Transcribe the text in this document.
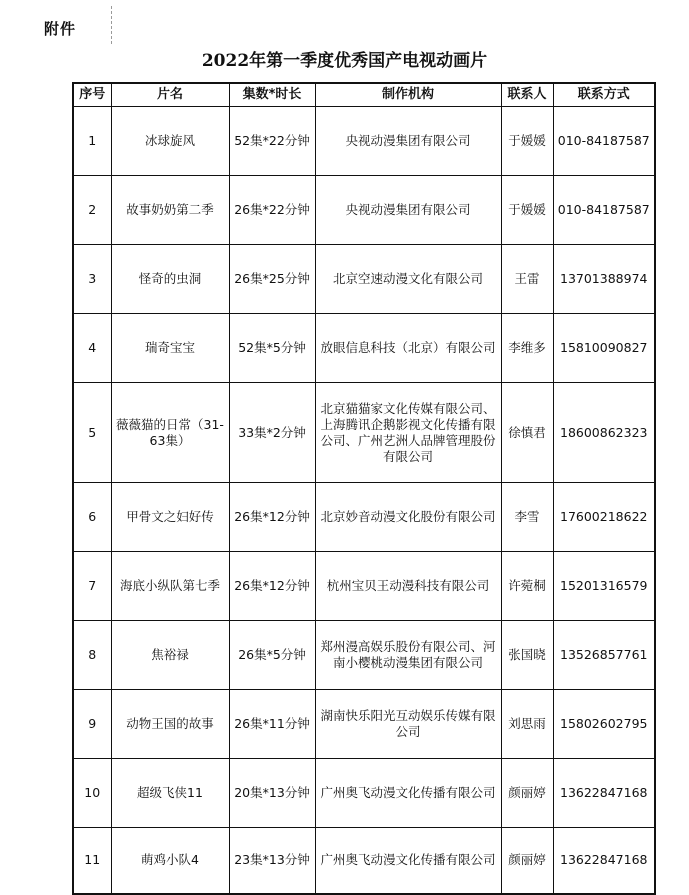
附件
2022年第一季度优秀国产电视动画片
序号	片名	集数*时长	制作机构	联系人	联系方式
1	冰球旋风	52集*22分钟	央视动漫集团有限公司	于媛媛	010-84187587
2	故事奶奶第二季	26集*22分钟	央视动漫集团有限公司	于媛媛	010-84187587
3	怪奇的虫洞	26集*25分钟	北京空速动漫文化有限公司	王雷	13701388974
4	瑞奇宝宝	52集*5分钟	放眼信息科技（北京）有限公司	李维多	15810090827
5	薇薇猫的日常（31-63集）	33集*2分钟	北京猫猫家文化传媒有限公司、上海腾讯企鹅影视文化传播有限公司、广州艺洲人品牌管理股份有限公司	徐慎君	18600862323
6	甲骨文之妇好传	26集*12分钟	北京妙音动漫文化股份有限公司	李雪	17600218622
7	海底小纵队第七季	26集*12分钟	杭州宝贝王动漫科技有限公司	许菀桐	15201316579
8	焦裕禄	26集*5分钟	郑州漫高娱乐股份有限公司、河南小樱桃动漫集团有限公司	张国晓	13526857761
9	动物王国的故事	26集*11分钟	湖南快乐阳光互动娱乐传媒有限公司	刘思雨	15802602795
10	超级飞侠11	20集*13分钟	广州奥飞动漫文化传播有限公司	颜丽婷	13622847168
11	萌鸡小队4	23集*13分钟	广州奥飞动漫文化传播有限公司	颜丽婷	13622847168
